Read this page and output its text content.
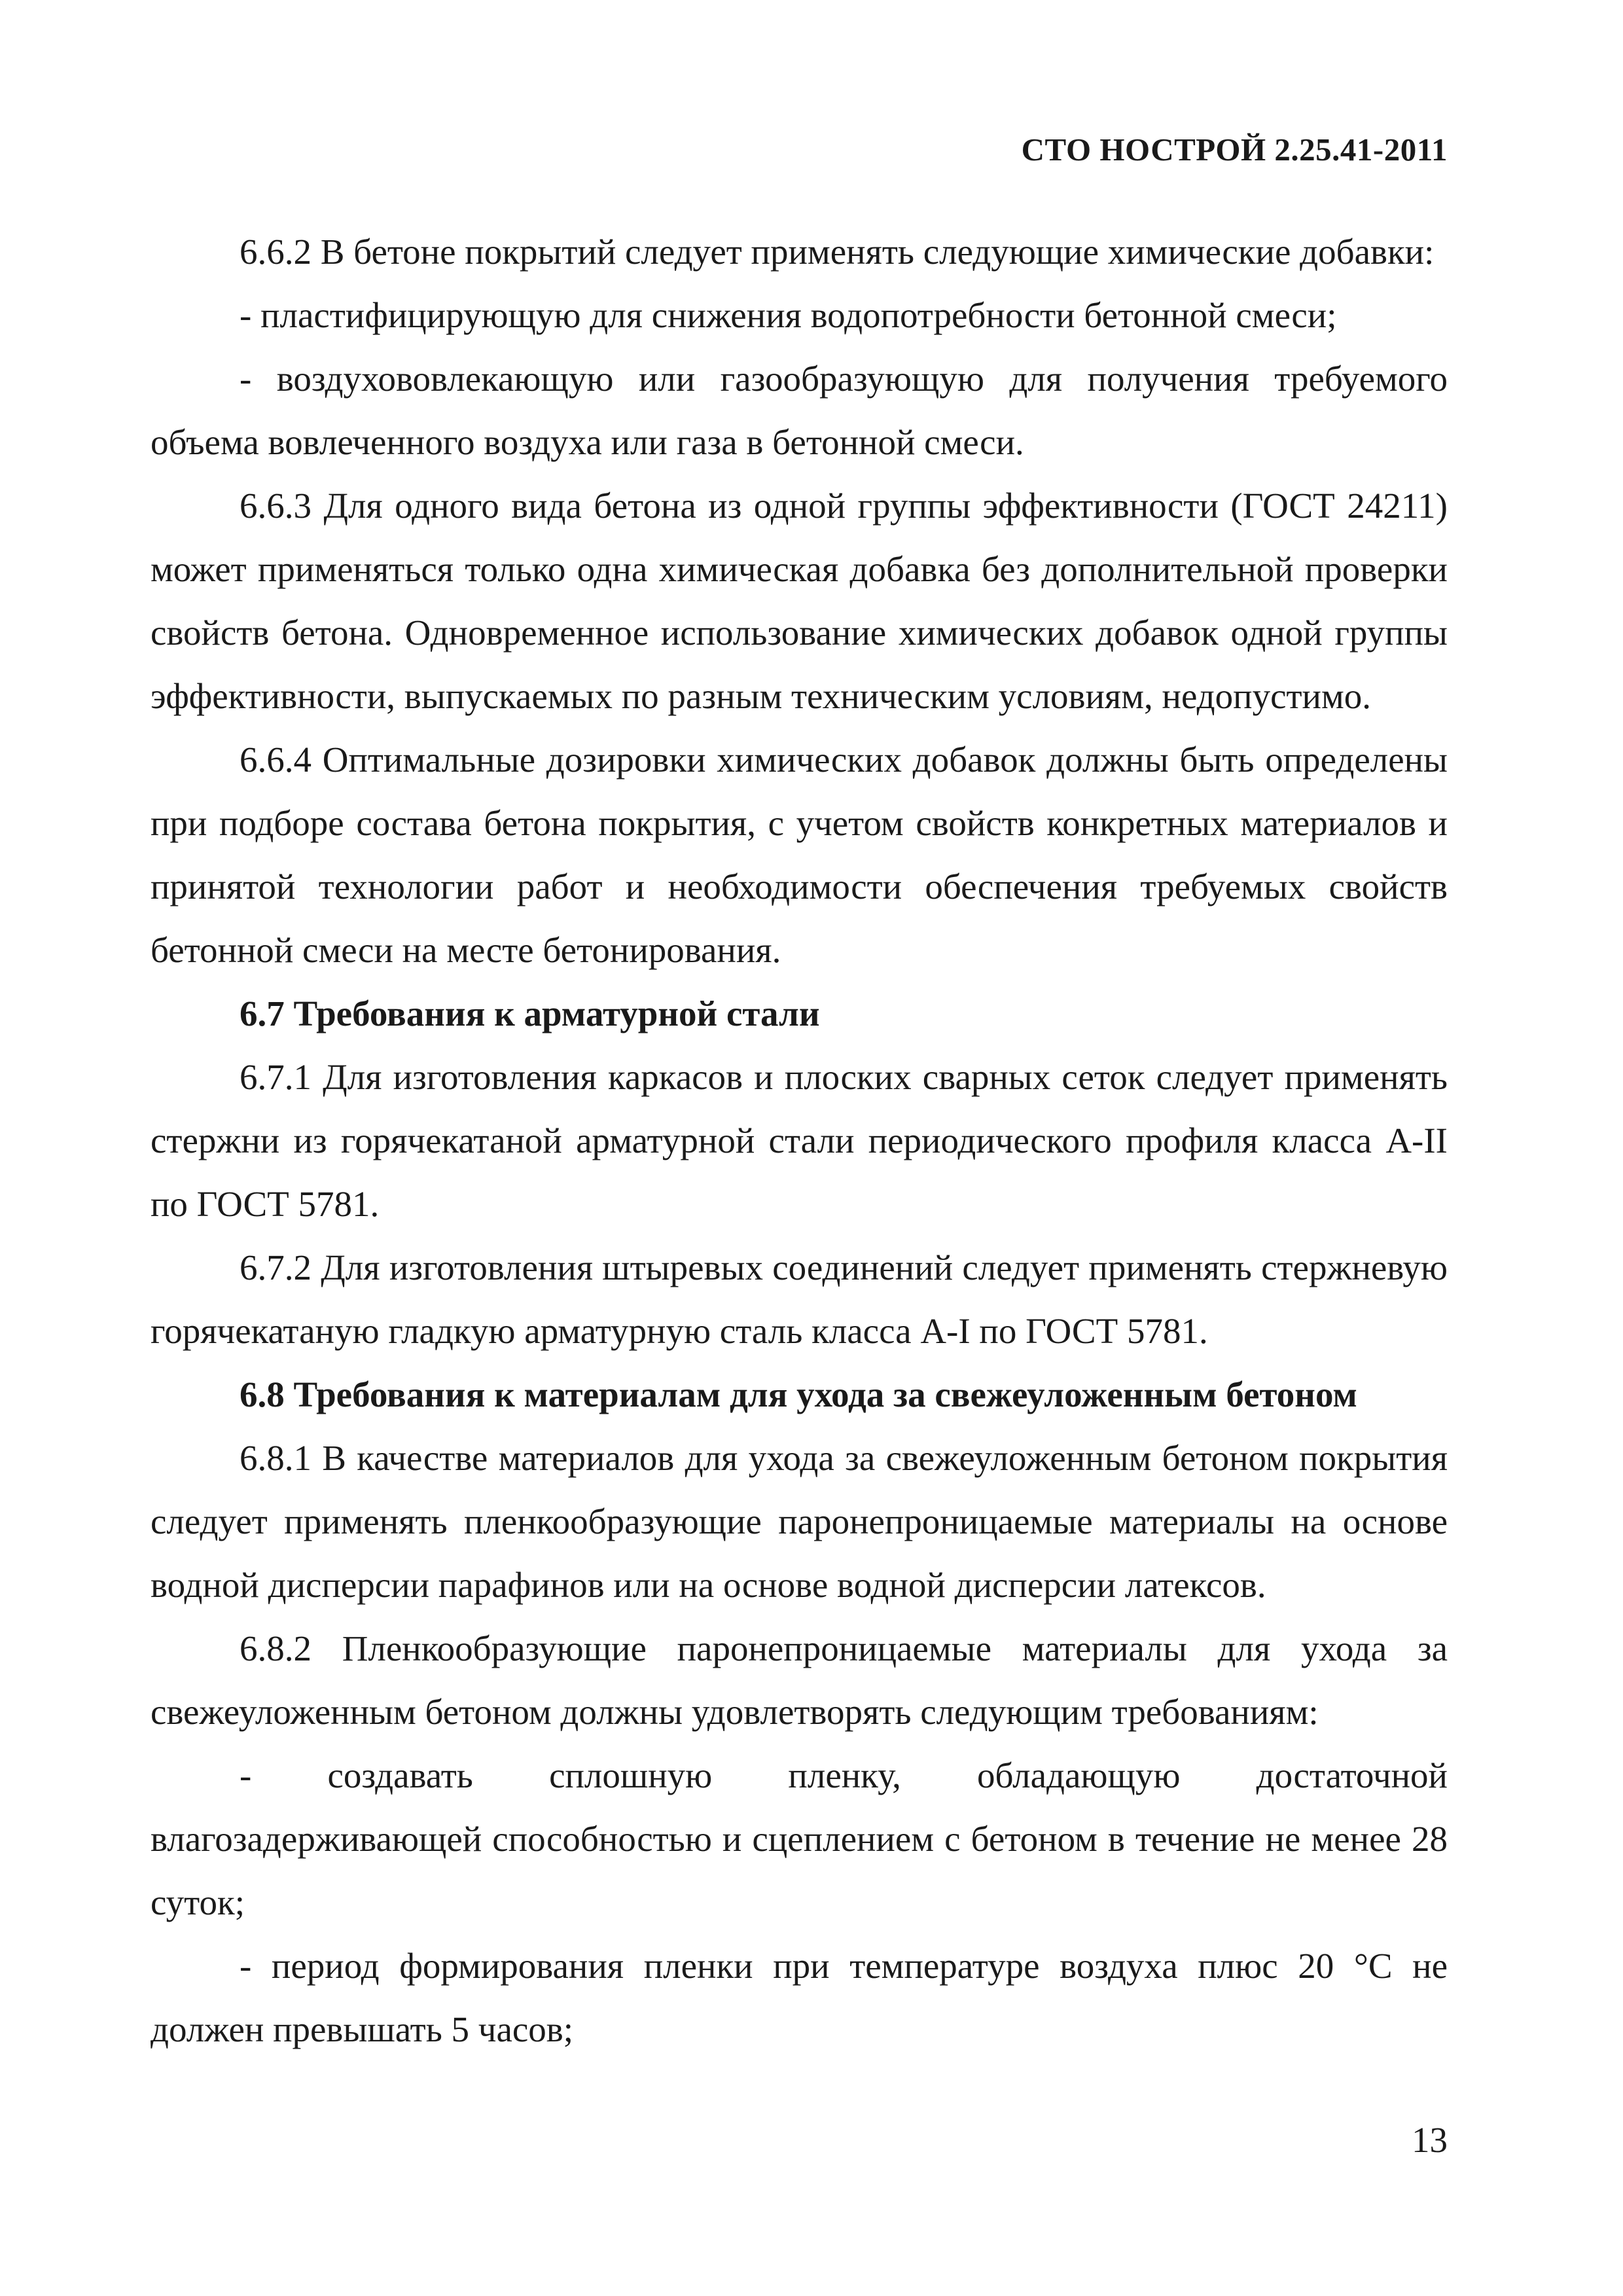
СТО НОСТРОЙ 2.25.41-2011

6.6.2 В бетоне покрытий следует применять следующие химические добавки:

- пластифицирующую для снижения водопотребности бетонной смеси;

- воздухововлекающую или газообразующую для получения требуемого объема вовлеченного воздуха или газа в бетонной смеси.

6.6.3 Для одного вида бетона из одной группы эффективности (ГОСТ 24211) может применяться только одна химическая добавка без дополнительной проверки свойств бетона. Одновременное использование химических добавок одной группы эффективности, выпускаемых по разным техническим условиям, недопустимо.

6.6.4 Оптимальные дозировки химических добавок должны быть определены при подборе состава бетона покрытия, с учетом свойств конкретных материалов и принятой технологии работ и необходимости обеспечения требуемых свойств бетонной смеси на месте бетонирования.

6.7 Требования к арматурной стали

6.7.1 Для изготовления каркасов и плоских сварных сеток следует применять стержни из горячекатаной арматурной стали периодического профиля класса А-II по ГОСТ 5781.

6.7.2 Для изготовления штыревых соединений следует применять стержневую горячекатаную гладкую арматурную сталь класса А-I по ГОСТ 5781.

6.8 Требования к материалам для ухода за свежеуложенным бетоном

6.8.1 В качестве материалов для ухода за свежеуложенным бетоном покрытия следует применять пленкообразующие паронепроницаемые материалы на основе водной дисперсии парафинов или на основе водной дисперсии латексов.

6.8.2 Пленкообразующие паронепроницаемые материалы для ухода за свежеуложенным бетоном должны удовлетворять следующим требованиям:

- создавать сплошную пленку, обладающую достаточной влагозадерживающей способностью и сцеплением с бетоном в течение не менее 28 суток;

- период формирования пленки при температуре воздуха плюс 20 °С не должен превышать 5 часов;

13
